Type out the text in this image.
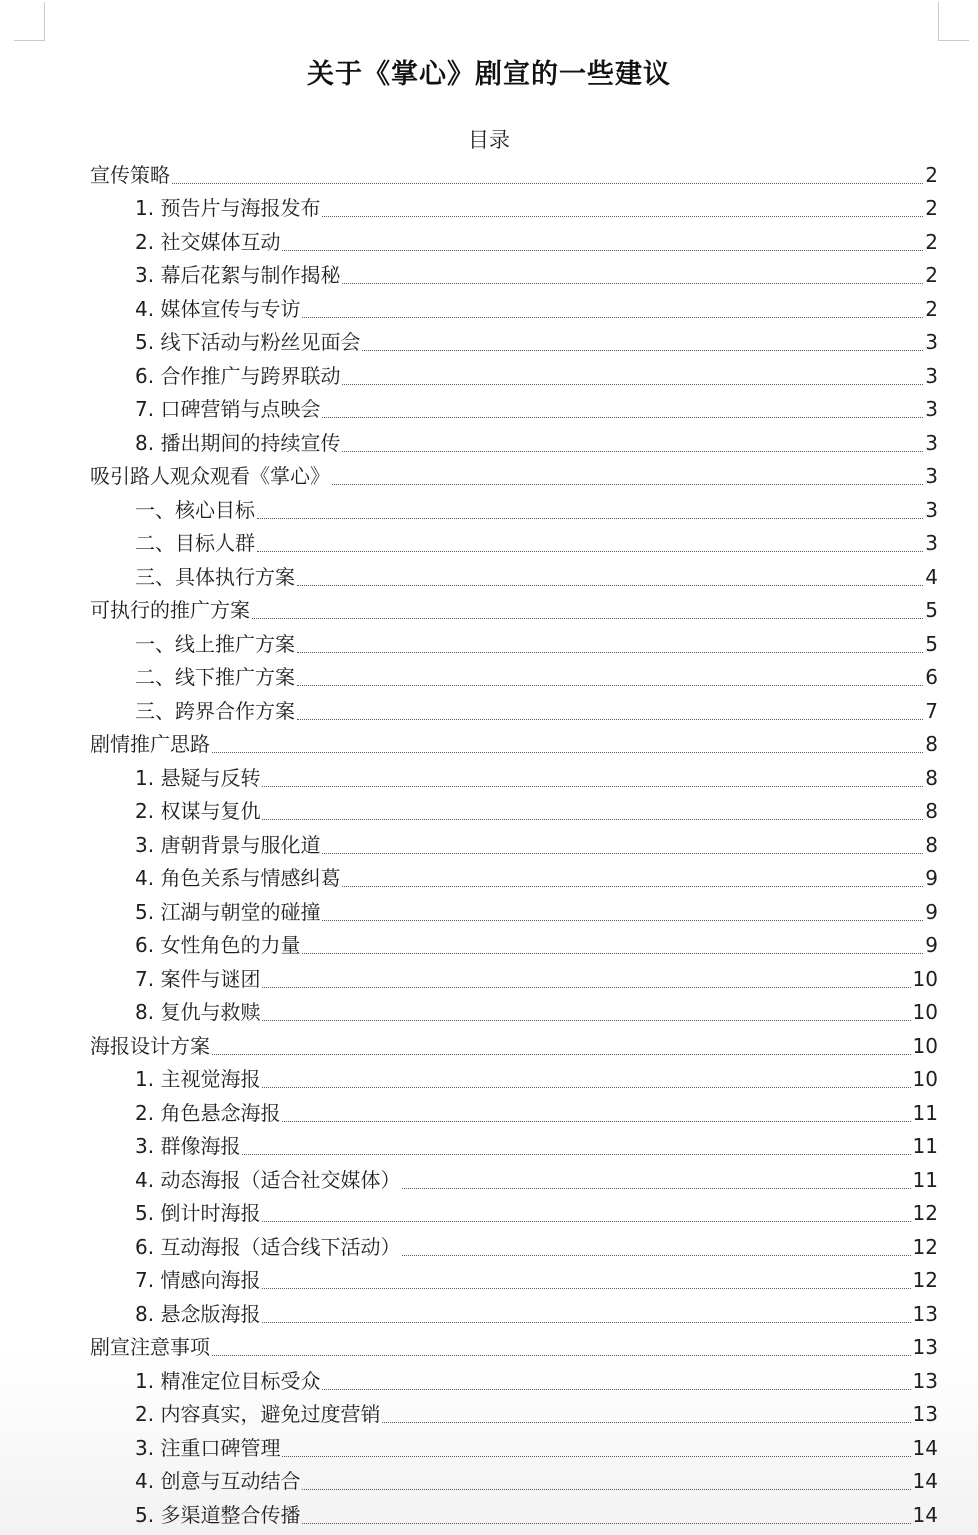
关于《掌心》剧宣的一些建议
目录
宣传策略	2
1. 预告片与海报发布	2
2. 社交媒体互动	2
3. 幕后花絮与制作揭秘	2
4. 媒体宣传与专访	2
5. 线下活动与粉丝见面会	3
6. 合作推广与跨界联动	3
7. 口碑营销与点映会	3
8. 播出期间的持续宣传	3
吸引路人观众观看《掌心》	3
一、核心目标	3
二、目标人群	3
三、具体执行方案	4
可执行的推广方案	5
一、线上推广方案	5
二、线下推广方案	6
三、跨界合作方案	7
剧情推广思路	8
1. 悬疑与反转	8
2. 权谋与复仇	8
3. 唐朝背景与服化道	8
4. 角色关系与情感纠葛	9
5. 江湖与朝堂的碰撞	9
6. 女性角色的力量	9
7. 案件与谜团	10
8. 复仇与救赎	10
海报设计方案	10
1. 主视觉海报	10
2. 角色悬念海报	11
3. 群像海报	11
4. 动态海报（适合社交媒体）	11
5. 倒计时海报	12
6. 互动海报（适合线下活动）	12
7. 情感向海报	12
8. 悬念版海报	13
剧宣注意事项	13
1. 精准定位目标受众	13
2. 内容真实，避免过度营销	13
3. 注重口碑管理	14
4. 创意与互动结合	14
5. 多渠道整合传播	14
